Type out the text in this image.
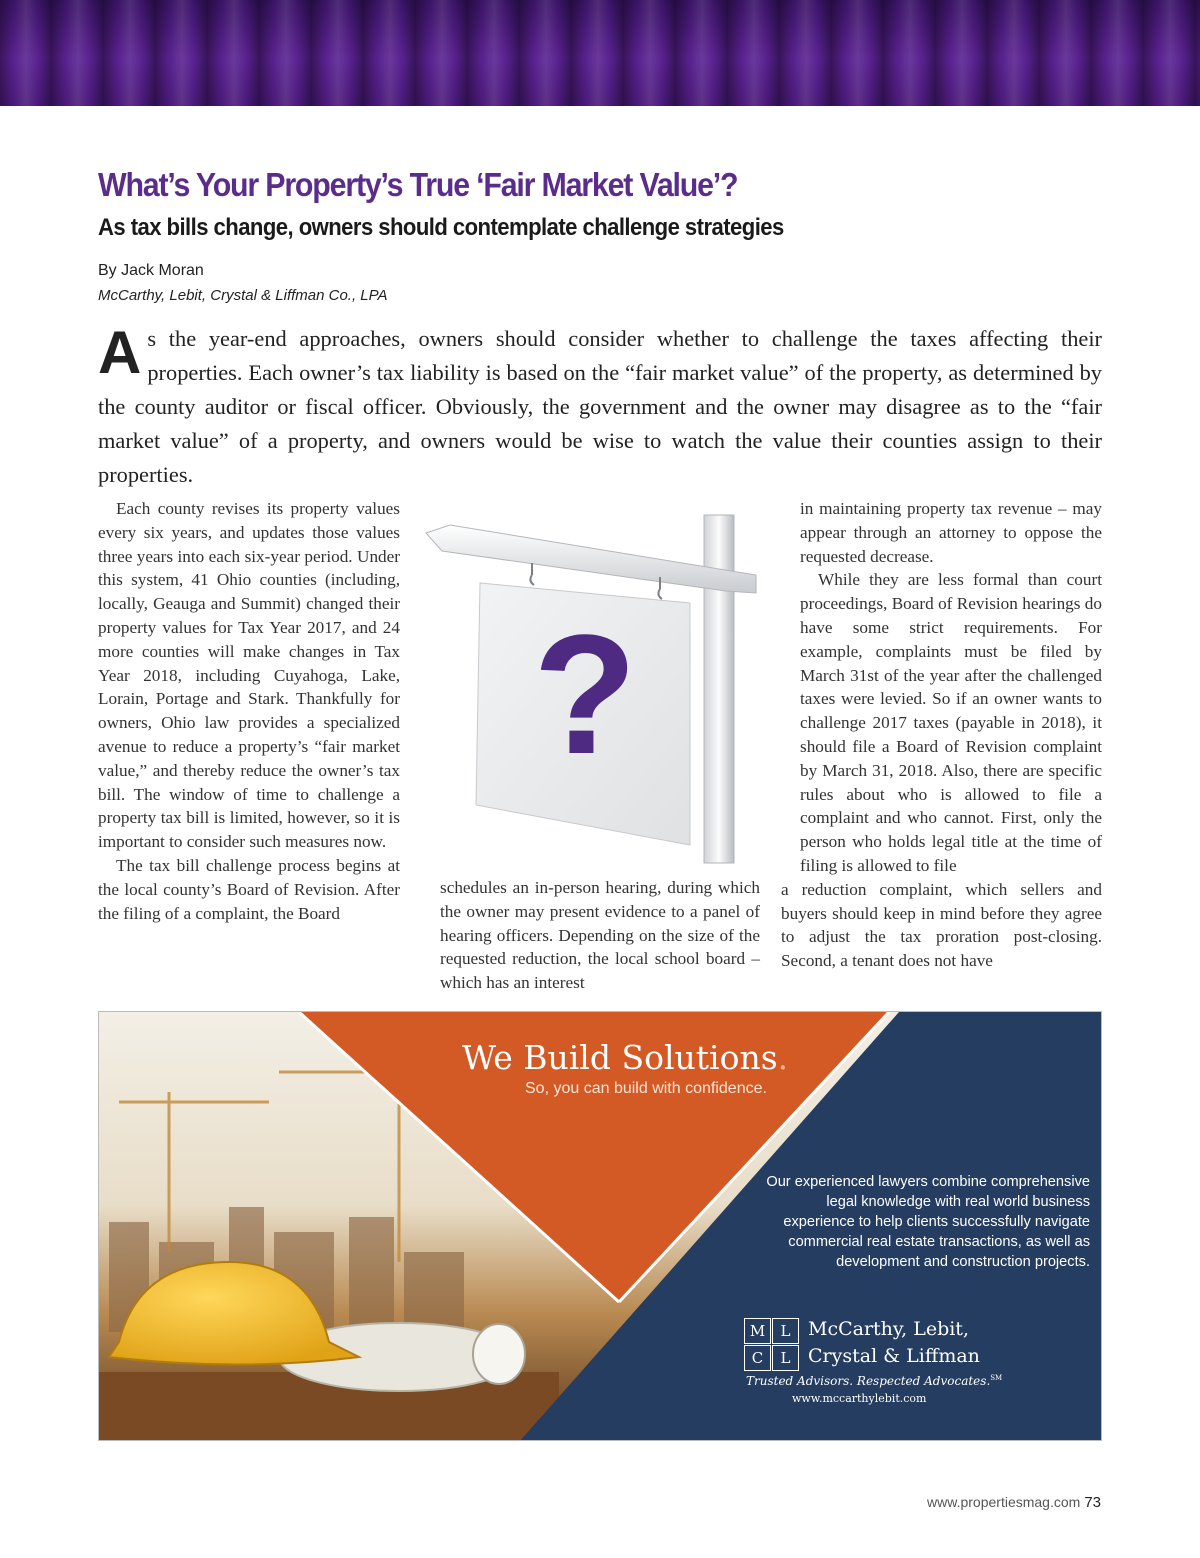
What’s Your Property’s True ‘Fair Market Value’?
As tax bills change, owners should contemplate challenge strategies
By Jack Moran
McCarthy, Lebit, Crystal & Liffman Co., LPA
As the year-end approaches, owners should consider whether to challenge the taxes affecting their properties. Each owner’s tax liability is based on the “fair market value” of the property, as determined by the county auditor or fiscal officer. Obviously, the government and the owner may disagree as to the “fair market value” of a property, and owners would be wise to watch the value their counties assign to their properties.

Each county revises its property values every six years, and updates those values three years into each six-year period. Under this system, 41 Ohio counties (including, locally, Geauga and Summit) changed their property values for Tax Year 2017, and 24 more counties will make changes in Tax Year 2018, including Cuyahoga, Lake, Lorain, Portage and Stark. Thankfully for owners, Ohio law provides a specialized avenue to reduce a property’s “fair market value,” and thereby reduce the owner’s tax bill. The window of time to challenge a property tax bill is limited, however, so it is important to consider such measures now.

The tax bill challenge process begins at the local county’s Board of Revision. After the filing of a complaint, the Board

?

schedules an in-person hearing, during which the owner may present evidence to a panel of hearing officers. Depending on the size of the requested reduction, the local school board – which has an interest

in maintaining property tax revenue – may appear through an attorney to oppose the requested decrease.

While they are less formal than court proceedings, Board of Revision hearings do have some strict requirements. For example, complaints must be filed by March 31st of the year after the challenged taxes were levied. So if an owner wants to challenge 2017 taxes (payable in 2018), it should file a Board of Revision complaint by March 31, 2018. Also, there are specific rules about who is allowed to file a complaint and who cannot. First, only the person who holds legal title at the time of filing is allowed to file

a reduction complaint, which sellers and buyers should keep in mind before they agree to adjust the tax proration post-closing. Second, a tenant does not have

We Build Solutions.
So, you can build with confidence.
Our experienced lawyers combine comprehensive legal knowledge with real world business experience to help clients successfully navigate commercial real estate transactions, as well as development and construction projects.
M	L
C	L
McCarthy, Lebit,
Crystal & Liffman
Trusted Advisors. Respected Advocates.℠
www.mccarthylebit.com
www.propertiesmag.com 73
